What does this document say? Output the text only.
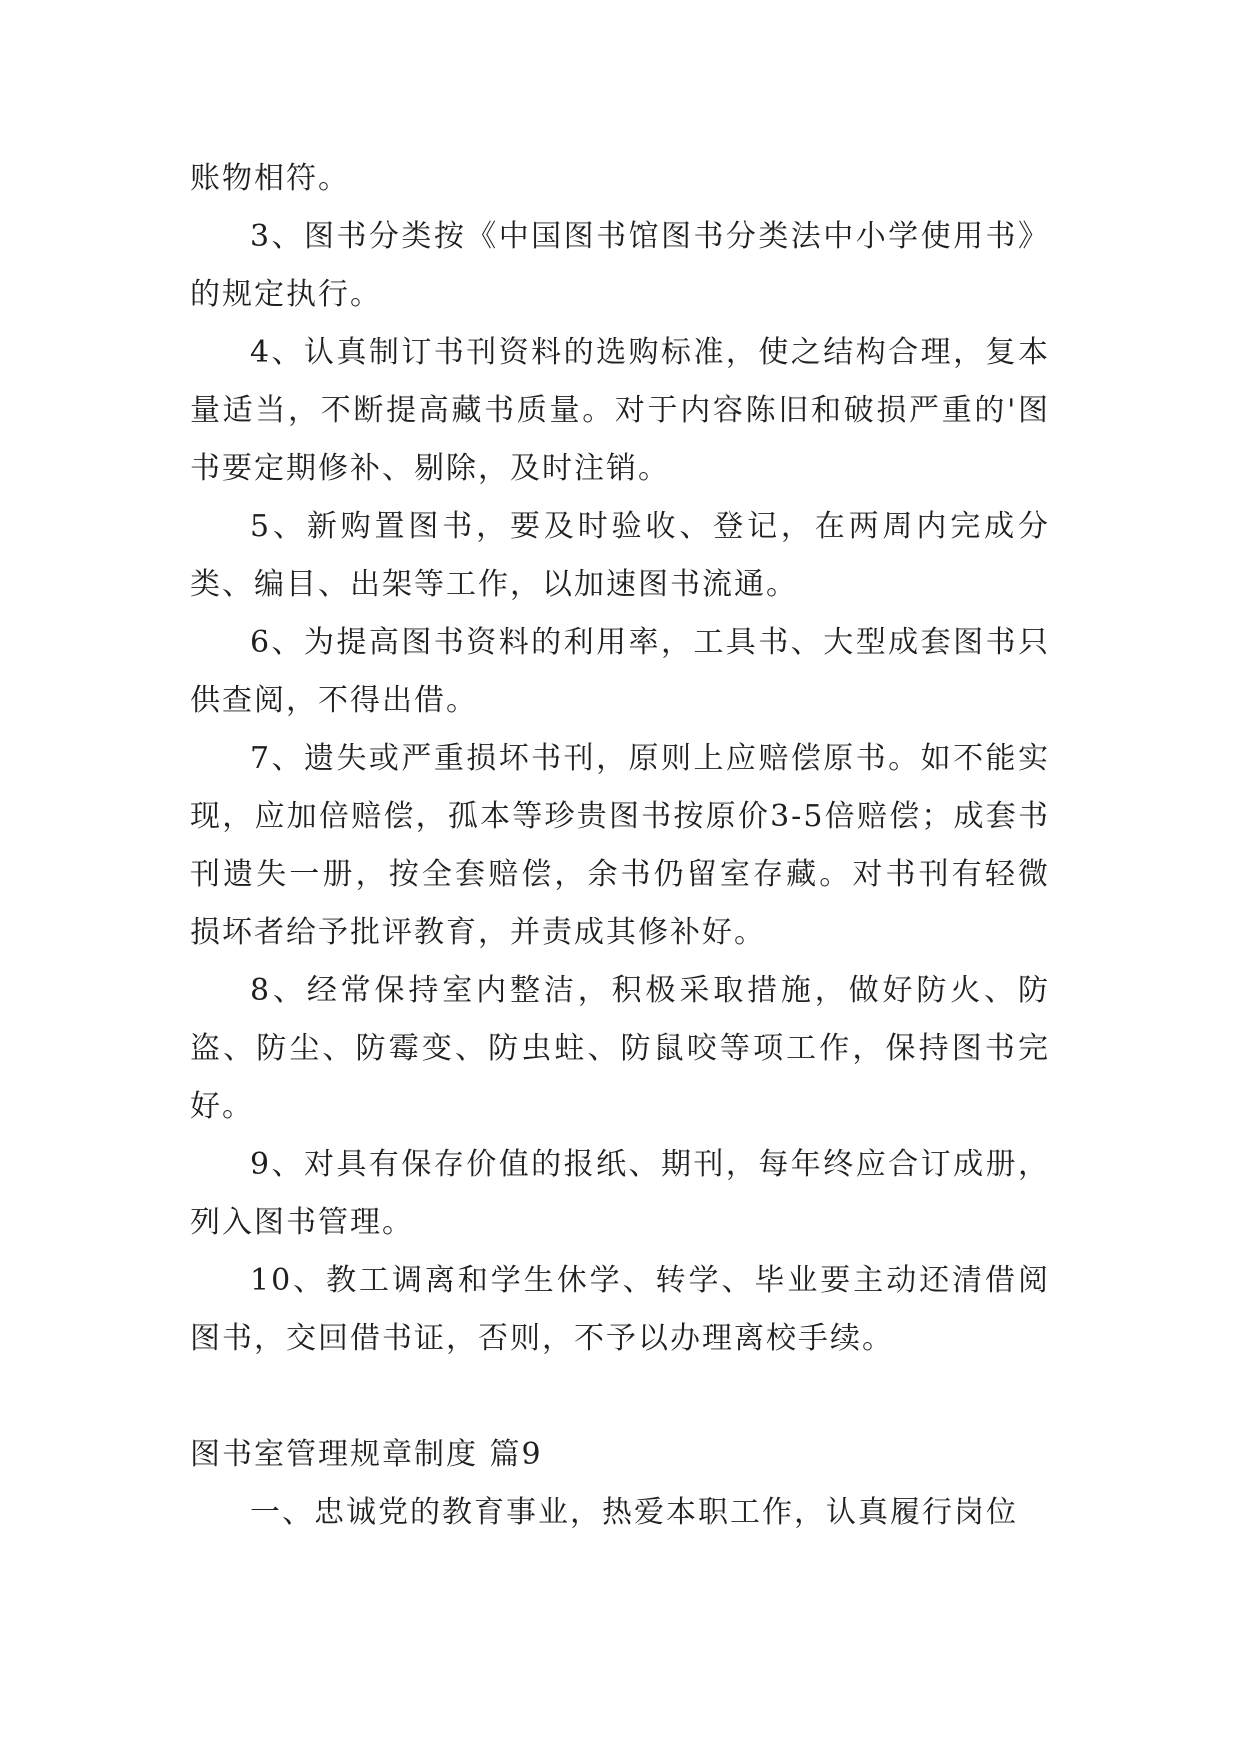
账物相符。

3、图书分类按《中国图书馆图书分类法中小学使用书》的规定执行。

4、认真制订书刊资料的选购标准，使之结构合理，复本量适当，不断提高藏书质量。对于内容陈旧和破损严重的'图书要定期修补、剔除，及时注销。

5、新购置图书，要及时验收、登记，在两周内完成分类、编目、出架等工作，以加速图书流通。

6、为提高图书资料的利用率，工具书、大型成套图书只供查阅，不得出借。

7、遗失或严重损坏书刊，原则上应赔偿原书。如不能实现，应加倍赔偿，孤本等珍贵图书按原价3-5倍赔偿；成套书刊遗失一册，按全套赔偿，余书仍留室存藏。对书刊有轻微损坏者给予批评教育，并责成其修补好。

8、经常保持室内整洁，积极采取措施，做好防火、防盗、防尘、防霉变、防虫蛀、防鼠咬等项工作，保持图书完好。

9、对具有保存价值的报纸、期刊，每年终应合订成册，列入图书管理。

10、教工调离和学生休学、转学、毕业要主动还清借阅图书，交回借书证，否则，不予以办理离校手续。

图书室管理规章制度 篇9

一、忠诚党的教育事业，热爱本职工作，认真履行岗位
